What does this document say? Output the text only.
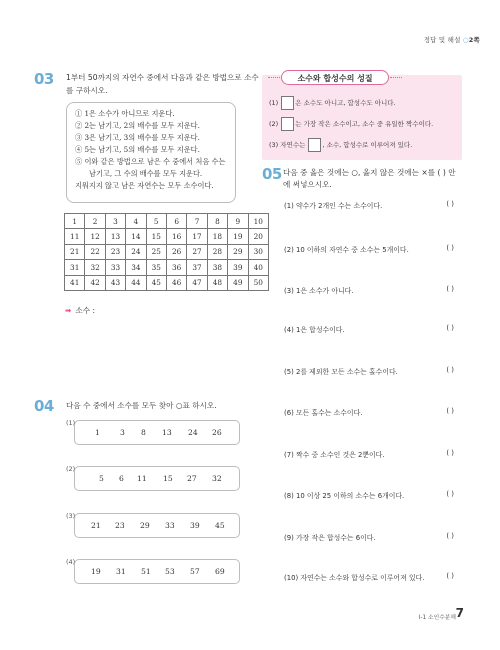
정답 및 해설 ○2쪽
03 1부터 50까지의 자연수 중에서 다음과 같은 방법으로 소수
를 구하시오.
① 1은 소수가 아니므로 지운다.
② 2는 남기고, 2의 배수를 모두 지운다.
③ 3은 남기고, 3의 배수를 모두 지운다.
④ 5는 남기고, 5의 배수를 모두 지운다.
⑤ 이와 같은 방법으로 남은 수 중에서 처음 수는
남기고, 그 수의 배수를 모두 지운다.
지워지지 않고 남은 자연수는 모두 소수이다.
1	2	3	4	5	6	7	8	9	10
11	12	13	14	15	16	17	18	19	20
21	22	23	24	25	26	27	28	29	30
31	32	33	34	35	36	37	38	39	40
41	42	43	44	45	46	47	48	49	50
➡ 소수 :
04 다음 수 중에서 소수를 모두 찾아 ○표 하시오.
(1)
1	3 8 13 24 26
(2)
5 6 11 15 27 32
(3)
21 23 29 33 39 45
(4)
19 31 51 53 57 69
소수와 합성수의 성질
(1)	은 소수도 아니고, 합성수도 아니다.
(2)	는 가장 작은 소수이고, 소수 중 유일한 짝수이다.
(3) 자연수는	, 소수, 합성수로 이루어져 있다.
05 다음 중 옳은 것에는 ○, 옳지 않은 것에는 ×를 ( ) 안
에 써넣으시오.
(1) 약수가 2개인 수는 소수이다.	( )
(2) 10 이하의 자연수 중 소수는 5개이다.	( )
(3) 1은 소수가 아니다.	( )
(4) 1은 합성수이다.	( )
(5) 2를 제외한 모든 소수는 홀수이다.	( )
(6) 모든 홀수는 소수이다.	( )
(7) 짝수 중 소수인 것은 2뿐이다.	( )
(8) 10 이상 25 이하의 소수는 6개이다.	( )
(9) 가장 작은 합성수는 6이다.	( )
(10) 자연수는 소수와 합성수로 이루어져 있다.	( )
Ⅰ-1 소인수분해 7
